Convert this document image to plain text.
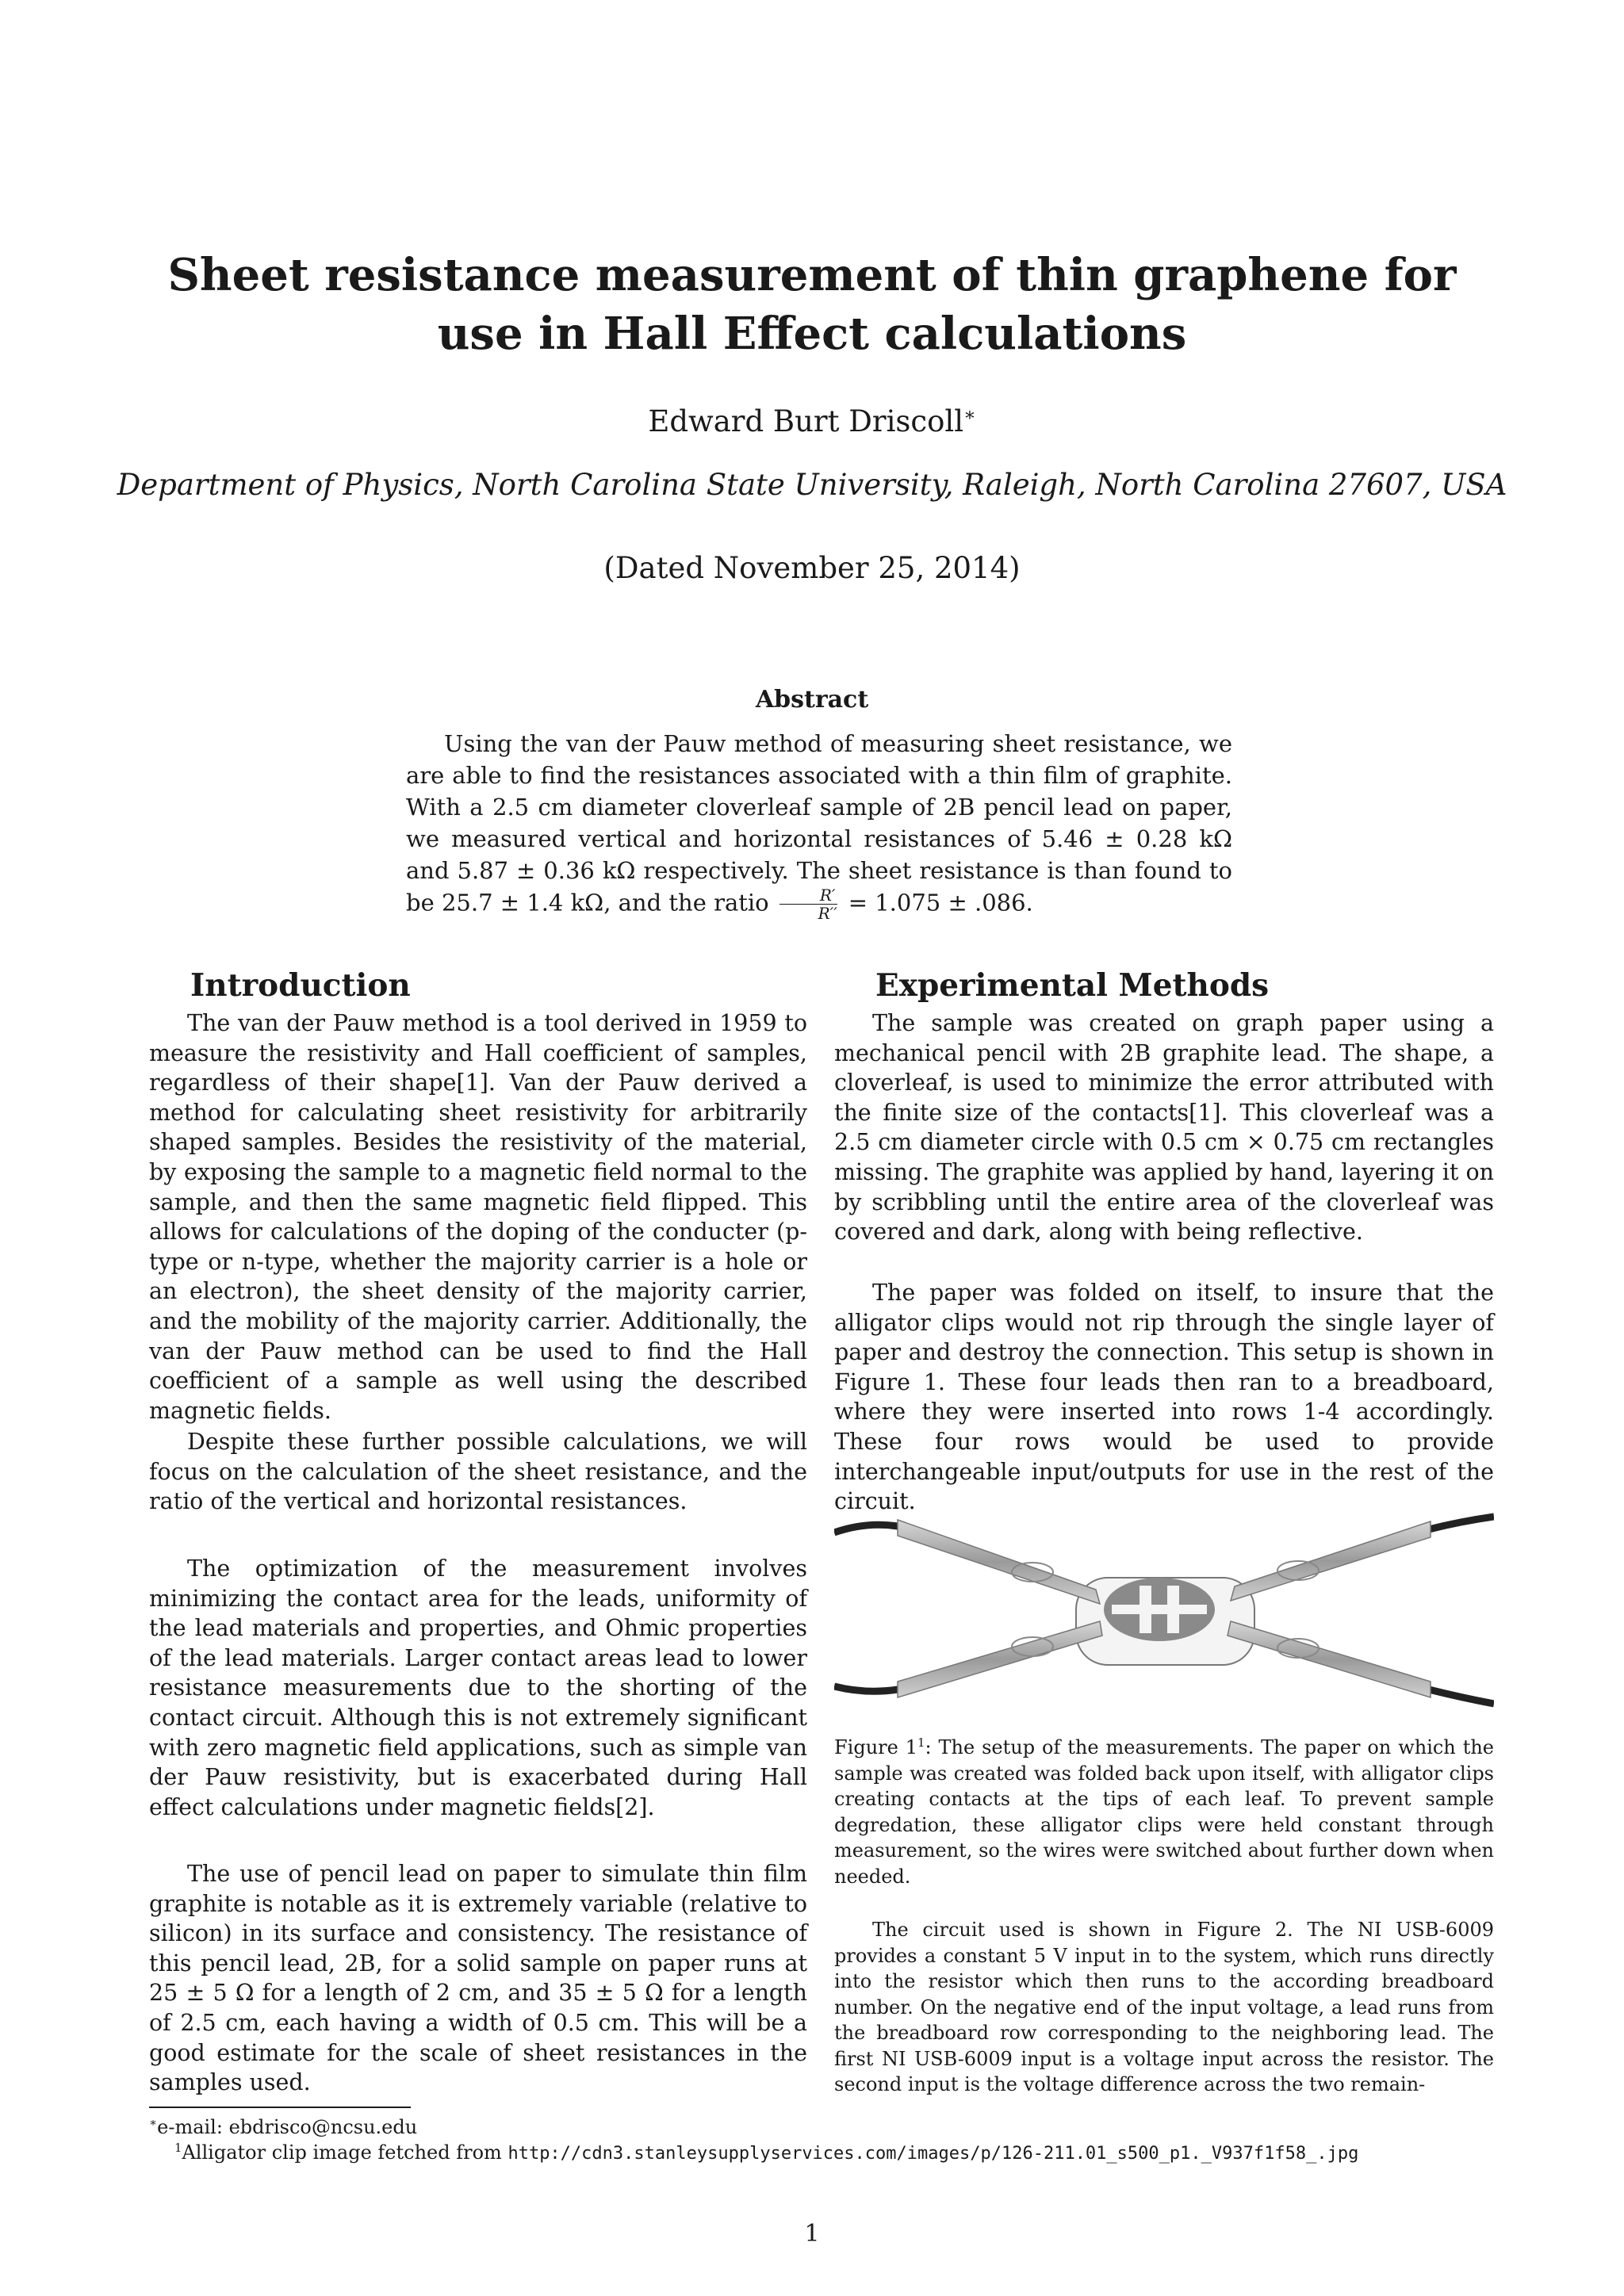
Sheet resistance measurement of thin graphene for use in Hall Effect calculations
Edward Burt Driscoll∗
Department of Physics, North Carolina State University, Raleigh, North Carolina 27607, USA
(Dated November 25, 2014)
Abstract
Using the van der Pauw method of measuring sheet resistance, we are able to find the resistances associated with a thin film of graphite. With a 2.5 cm diameter cloverleaf sample of 2B pencil lead on paper, we measured vertical and horizontal resistances of 5.46 ± 0.28 kΩ and 5.87 ± 0.36 kΩ respectively. The sheet resistance is than found to be 25.7 ± 1.4 kΩ, and the ratio $\frac{R'}{R''} = 1.075 \pm .086$.
Introduction
The van der Pauw method is a tool derived in 1959 to measure the resistivity and Hall coefficient of samples, regardless of their shape[1]. Van der Pauw derived a method for calculating sheet resistivity for arbitrarily shaped samples. Besides the resistivity of the material, by exposing the sample to a magnetic field normal to the sample, and then the same magnetic field flipped. This allows for calculations of the doping of the conducter (p-type or n-type, whether the majority carrier is a hole or an electron), the sheet density of the majority carrier, and the mobility of the majority carrier. Additionally, the van der Pauw method can be used to find the Hall coefficient of a sample as well using the described magnetic fields.
Despite these further possible calculations, we will focus on the calculation of the sheet resistance, and the ratio of the vertical and horizontal resistances.
The optimization of the measurement involves minimizing the contact area for the leads, uniformity of the lead materials and properties, and Ohmic properties of the lead materials. Larger contact areas lead to lower resistance measurements due to the shorting of the contact circuit. Although this is not extremely significant with zero magnetic field applications, such as simple van der Pauw resistivity, but is exacerbated during Hall effect calculations under magnetic fields[2].
The use of pencil lead on paper to simulate thin film graphite is notable as it is extremely variable (relative to silicon) in its surface and consistency. The resistance of this pencil lead, 2B, for a solid sample on paper runs at 25 ± 5 Ω for a length of 2 cm, and 35 ± 5 Ω for a length of 2.5 cm, each having a width of 0.5 cm. This will be a good estimate for the scale of sheet resistances in the samples used.
Experimental Methods
The sample was created on graph paper using a mechanical pencil with 2B graphite lead. The shape, a cloverleaf, is used to minimize the error attributed with the finite size of the contacts[1]. This cloverleaf was a 2.5 cm diameter circle with 0.5 cm × 0.75 cm rectangles missing. The graphite was applied by hand, layering it on by scribbling until the entire area of the cloverleaf was covered and dark, along with being reflective.
The paper was folded on itself, to insure that the alligator clips would not rip through the single layer of paper and destroy the connection. This setup is shown in Figure 1. These four leads then ran to a breadboard, where they were inserted into rows 1-4 accordingly. These four rows would be used to provide interchangeable input/outputs for use in the rest of the circuit.
Figure $1^1$: The setup of the measurements. The paper on which the sample was created was folded back upon itself, with alligator clips creating contacts at the tips of each leaf. To prevent sample degredation, these alligator clips were held constant through measurement, so the wires were switched about further down when needed.
The circuit used is shown in Figure 2. The NI USB-6009 provides a constant 5 V input in to the system, which runs directly into the resistor which then runs to the according breadboard number. On the negative end of the input voltage, a lead runs from the breadboard row corresponding to the neighboring lead. The first NI USB-6009 input is a voltage input across the resistor. The second input is the voltage difference across the two remain-
∗e-mail: ebdrisco@ncsu.edu
$^1$Alligator clip image fetched from http://cdn3.stanleysupplyservices.com/images/p/126-211.01_s500_p1._V937f1f58_.jpg
1
